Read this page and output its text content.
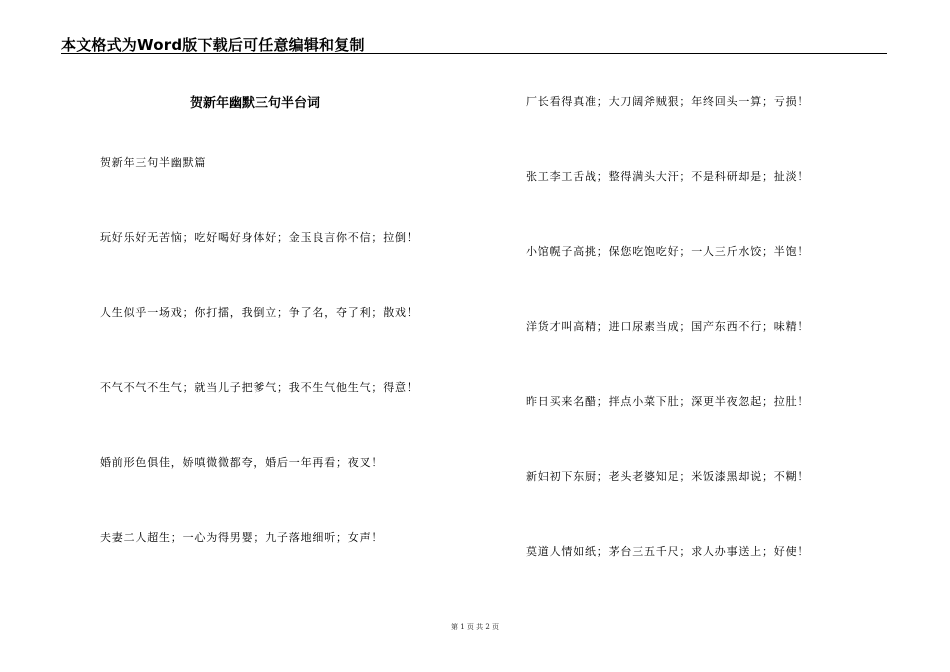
本文格式为Word版下载后可任意编辑和复制
贺新年幽默三句半台词
贺新年三句半幽默篇
玩好乐好无苦恼；吃好喝好身体好；金玉良言你不信；拉倒！
人生似乎一场戏；你打擂，我倒立；争了名，夺了利；散戏！
不气不气不生气；就当儿子把爹气；我不生气他生气；得意！
婚前形色俱佳，娇嗔微微都夸，婚后一年再看；夜叉！
夫妻二人超生；一心为得男婴；九子落地细听；女声！
厂长看得真准；大刀阔斧贼狠；年终回头一算；亏损！
张工李工舌战；整得满头大汗；不是科研却是；扯淡！
小馆幌子高挑；保您吃饱吃好；一人三斤水饺；半饱！
洋货才叫高精；进口尿素当成；国产东西不行；味精！
昨日买来名醋；拌点小菜下肚；深更半夜忽起；拉肚！
新妇初下东厨；老头老婆知足；米饭漆黑却说；不糊！
莫道人情如纸；茅台三五千尺；求人办事送上；好使！
第 1 页 共 2 页
